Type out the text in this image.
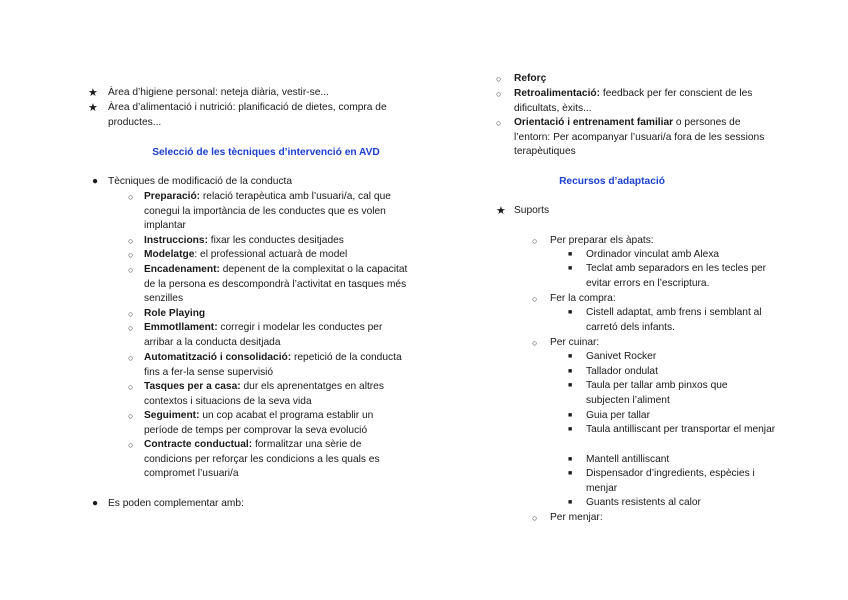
★ Àrea d’higiene personal: neteja diària, vestir-se...
★ Àrea d’alimentació i nutrició: planificació de dietes, compra de productes...
Selecció de les tècniques d’intervenció en AVD
● Tècniques de modificació de la conducta
○	Preparació: relació terapèutica amb l’usuari/a, cal que conegui la importància de les conductes que es volen implantar
○	Instruccions: fixar les conductes desitjades
○	Modelatge: el professional actuarà de model
○	Encadenament: depenent de la complexitat o la capacitat de la persona es descompondrà l’activitat en tasques més senzilles
○	Role Playing
○	Emmotllament: corregir i modelar les conductes per arribar a la conducta desitjada
○	Automatització i consolidació: repetició de la conducta fins a fer-la sense supervisió
○	Tasques per a casa: dur els aprenentatges en altres contextos i situacions de la seva vida
○	Seguiment: un cop acabat el programa establir un període de temps per comprovar la seva evolució
○	Contracte conductual: formalitzar una sèrie de condicions per reforçar les condicions a les quals es compromet l’usuari/a
● Es poden complementar amb:
○	Reforç
○	Retroalimentació: feedback per fer conscient de les dificultats, èxits...
○	Orientació i entrenament familiar o persones de l’entorn: Per acompanyar l’usuari/a fora de les sessions terapèutiques
Recursos d’adaptació
★ Suports
○	Per preparar els àpats:
■	Ordinador vinculat amb Alexa
■	Teclat amb separadors en les tecles per evitar errors en l’escriptura.
○	Fer la compra:
■	Cistell adaptat, amb frens i semblant al carretó dels infants.
○	Per cuinar:
■	Ganivet Rocker
■	Tallador ondulat
■	Taula per tallar amb pinxos que subjecten l’aliment
■	Guia per tallar
■	Taula antilliscant per transportar el menjar
■	Mantell antilliscant
■	Dispensador d’ingredients, espècies i menjar
■	Guants resistents al calor
○	Per menjar:
